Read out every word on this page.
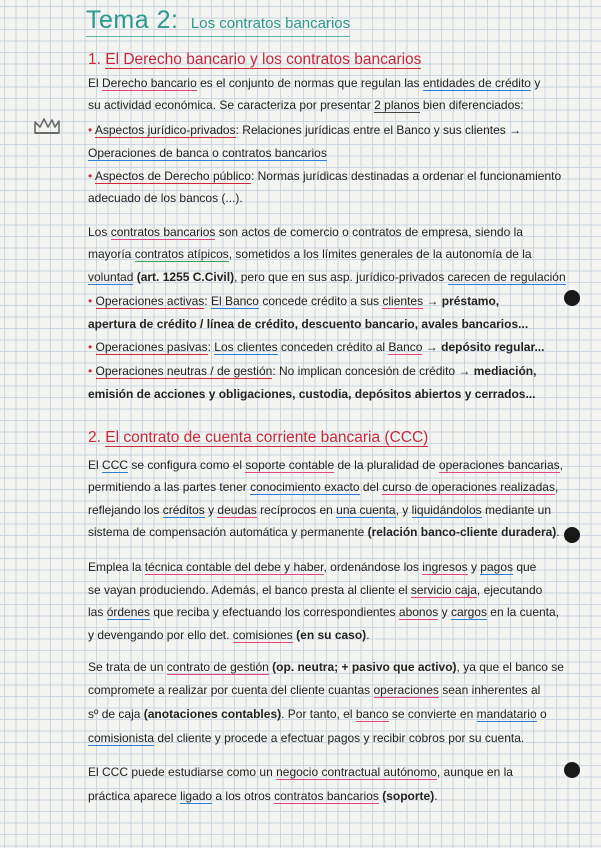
Tema 2: Los contratos bancarios
1. El Derecho bancario y los contratos bancarios
El Derecho bancario es el conjunto de normas que regulan las entidades de crédito y
su actividad económica. Se caracteriza por presentar 2 planos bien diferenciados:
• Aspectos jurídico-privados: Relaciones jurídicas entre el Banco y sus clientes →
Operaciones de banca o contratos bancarios
• Aspectos de Derecho público: Normas jurídicas destinadas a ordenar el funcionamiento
adecuado de los bancos (...).
Los contratos bancarios son actos de comercio o contratos de empresa, siendo la
mayoría contratos atípicos, sometidos a los límites generales de la autonomía de la
voluntad (art. 1255 C.Civil), pero que en sus asp. jurídico-privados carecen de regulación
• Operaciones activas: El Banco concede crédito a sus clientes → préstamo,
apertura de crédito / línea de crédito, descuento bancario, avales bancarios...
• Operaciones pasivas: Los clientes conceden crédito al Banco → depósito regular...
• Operaciones neutras / de gestión: No implican concesión de crédito → mediación,
emisión de acciones y obligaciones, custodia, depósitos abiertos y cerrados...
2. El contrato de cuenta corriente bancaria (CCC)
El CCC se configura como el soporte contable de la pluralidad de operaciones bancarias,
permitiendo a las partes tener conocimiento exacto del curso de operaciones realizadas,
reflejando los créditos y deudas recíprocos en una cuenta, y liquidándolos mediante un
sistema de compensación automática y permanente (relación banco-cliente duradera).
Emplea la técnica contable del debe y haber, ordenándose los ingresos y pagos que
se vayan produciendo. Además, el banco presta al cliente el servicio caja, ejecutando
las órdenes que reciba y efectuando los correspondientes abonos y cargos en la cuenta,
y devengando por ello det. comisiones (en su caso).
Se trata de un contrato de gestión (op. neutra; + pasivo que activo), ya que el banco se
compromete a realizar por cuenta del cliente cuantas operaciones sean inherentes al
sº de caja (anotaciones contables). Por tanto, el banco se convierte en mandatario o
comisionista del cliente y procede a efectuar pagos y recibir cobros por su cuenta.
El CCC puede estudiarse como un negocio contractual autónomo, aunque en la
práctica aparece ligado a los otros contratos bancarios (soporte).
